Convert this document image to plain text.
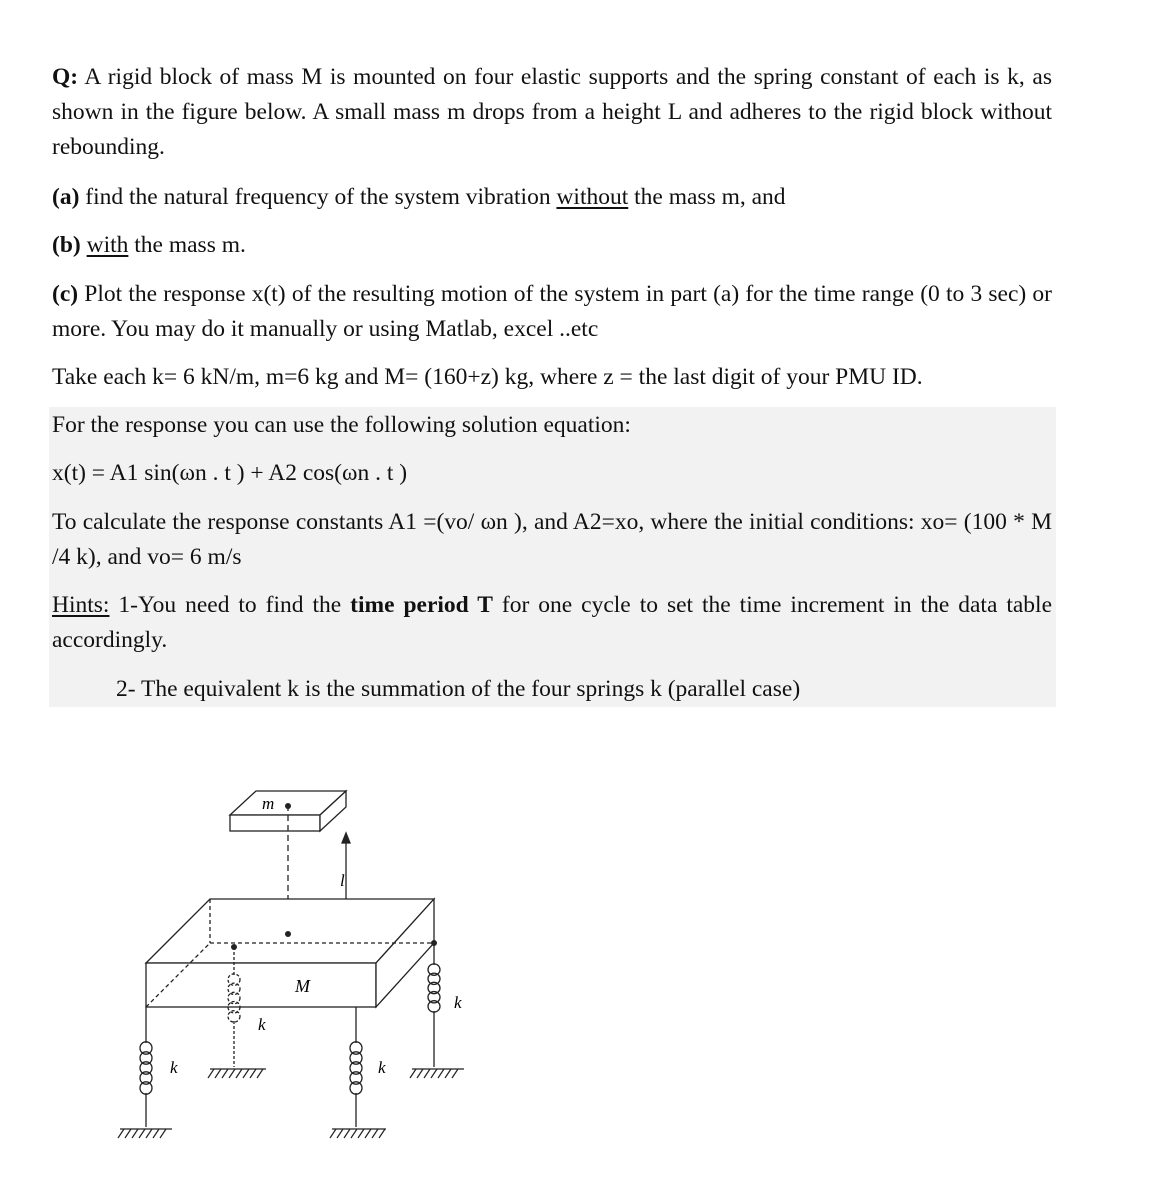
Q: A rigid block of mass M is mounted on four elastic supports and the spring constant of each is k, as shown in the figure below. A small mass m drops from a height L and adheres to the rigid block without rebounding.

(a) find the natural frequency of the system vibration without the mass m, and

(b) with the mass m.

(c) Plot the response x(t) of the resulting motion of the system in part (a) for the time range (0 to 3 sec) or more. You may do it manually or using Matlab, excel ..etc

Take each k= 6 kN/m, m=6 kg and M= (160+z) kg, where z = the last digit of your PMU ID.

For the response you can use the following solution equation:

x(t) = A1 sin(ωn . t ) + A2 cos(ωn . t )

To calculate the response constants A1 =(vo/ ωn ), and A2=xo, where the initial conditions: xo= (100 * M /4 k), and vo= 6 m/s

Hints: 1-You need to find the time period T for one cycle to set the time increment in the data table accordingly.

2- The equivalent k is the summation of the four springs k (parallel case)

m
l
M
k
k	k
k
